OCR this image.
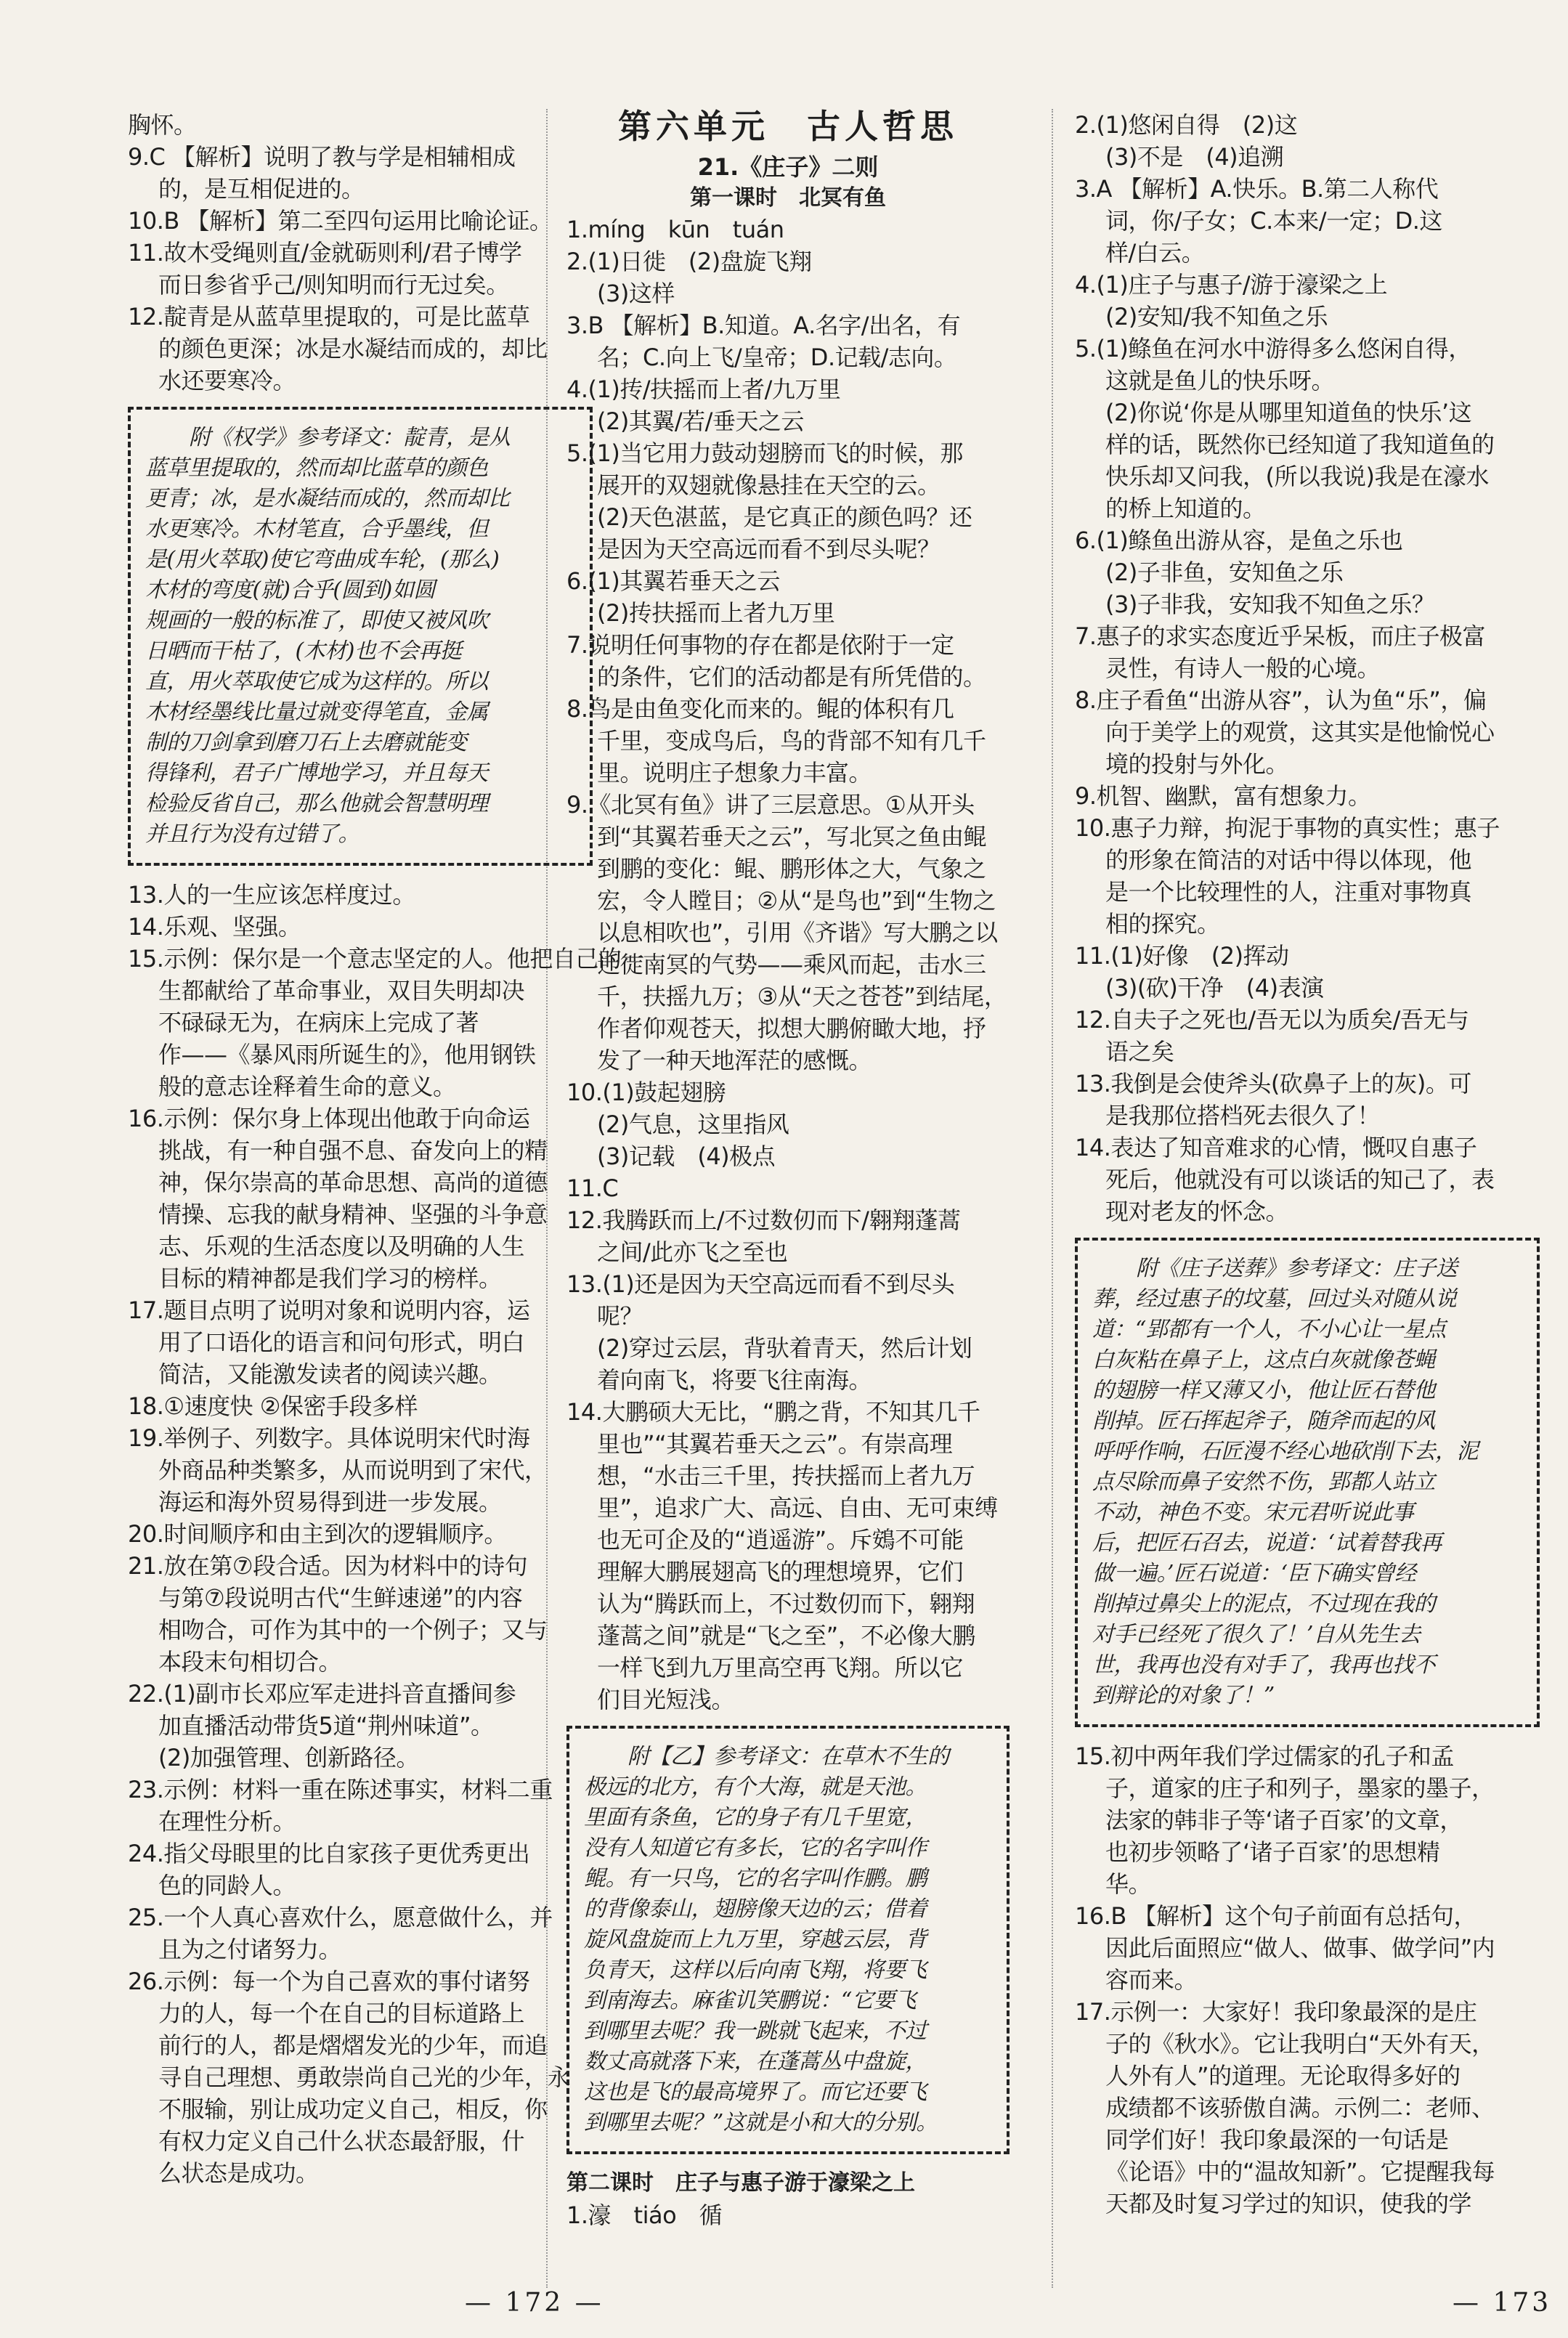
胸怀。
9.C 【解析】说明了教与学是相辅相成
的，是互相促进的。
10.B 【解析】第二至四句运用比喻论证。
11.故木受绳则直/金就砺则利/君子博学
而日参省乎己/则知明而行无过矣。
12.靛青是从蓝草里提取的，可是比蓝草
的颜色更深；冰是水凝结而成的，却比
水还要寒冷。
附《权学》参考译文：靛青，是从
蓝草里提取的，然而却比蓝草的颜色
更青；冰，是水凝结而成的，然而却比
水更寒冷。木材笔直，合乎墨线，但
是(用火萃取)使它弯曲成车轮，(那么)
木材的弯度(就)合乎(圆到)如圆
规画的一般的标准了，即使又被风吹
日晒而干枯了，(木材)也不会再挺
直，用火萃取使它成为这样的。所以
木材经墨线比量过就变得笔直，金属
制的刀剑拿到磨刀石上去磨就能变
得锋利，君子广博地学习，并且每天
检验反省自己，那么他就会智慧明理
并且行为没有过错了。
13.人的一生应该怎样度过。
14.乐观、坚强。
15.示例：保尔是一个意志坚定的人。他把自己的一
生都献给了革命事业，双目失明却决
不碌碌无为，在病床上完成了著
作——《暴风雨所诞生的》，他用钢铁
般的意志诠释着生命的意义。
16.示例：保尔身上体现出他敢于向命运
挑战，有一种自强不息、奋发向上的精
神，保尔崇高的革命思想、高尚的道德
情操、忘我的献身精神、坚强的斗争意
志、乐观的生活态度以及明确的人生
目标的精神都是我们学习的榜样。
17.题目点明了说明对象和说明内容，运
用了口语化的语言和问句形式，明白
简洁，又能激发读者的阅读兴趣。
18.①速度快 ②保密手段多样
19.举例子、列数字。具体说明宋代时海
外商品种类繁多，从而说明到了宋代，
海运和海外贸易得到进一步发展。
20.时间顺序和由主到次的逻辑顺序。
21.放在第⑦段合适。因为材料中的诗句
与第⑦段说明古代“生鲜速递”的内容
相吻合，可作为其中的一个例子；又与
本段末句相切合。
22.(1)副市长邓应军走进抖音直播间参
加直播活动带货5道“荆州味道”。
(2)加强管理、创新路径。
23.示例：材料一重在陈述事实，材料二重
在理性分析。
24.指父母眼里的比自家孩子更优秀更出
色的同龄人。
25.一个人真心喜欢什么，愿意做什么，并
且为之付诸努力。
26.示例：每一个为自己喜欢的事付诸努
力的人，每一个在自己的目标道路上
前行的人，都是熠熠发光的少年，而追
寻自己理想、勇敢崇尚自己光的少年，永
不服输，别让成功定义自己，相反，你
有权力定义自己什么状态最舒服，什
么状态是成功。
第六单元　古人哲思
21.《庄子》二则
第一课时　北冥有鱼
1.míng　kūn　tuán
2.(1)日徙　(2)盘旋飞翔
(3)这样
3.B 【解析】B.知道。A.名字/出名，有
名；C.向上飞/皇帝；D.记载/志向。
4.(1)抟/扶摇而上者/九万里
(2)其翼/若/垂天之云
5.(1)当它用力鼓动翅膀而飞的时候，那
展开的双翅就像悬挂在天空的云。
(2)天色湛蓝，是它真正的颜色吗？还
是因为天空高远而看不到尽头呢？
6.(1)其翼若垂天之云
(2)抟扶摇而上者九万里
7.说明任何事物的存在都是依附于一定
的条件，它们的活动都是有所凭借的。
8.鸟是由鱼变化而来的。鲲的体积有几
千里，变成鸟后，鸟的背部不知有几千
里。说明庄子想象力丰富。
9.《北冥有鱼》讲了三层意思。①从开头
到“其翼若垂天之云”，写北冥之鱼由鲲
到鹏的变化：鲲、鹏形体之大，气象之
宏，令人瞠目；②从“是鸟也”到“生物之
以息相吹也”，引用《齐谐》写大鹏之以
迁徙南冥的气势——乘风而起，击水三
千，扶摇九万；③从“天之苍苍”到结尾，
作者仰观苍天，拟想大鹏俯瞰大地，抒
发了一种天地浑茫的感慨。
10.(1)鼓起翅膀
(2)气息，这里指风
(3)记载　(4)极点
11.C
12.我腾跃而上/不过数仞而下/翱翔蓬蒿
之间/此亦飞之至也
13.(1)还是因为天空高远而看不到尽头
呢？
(2)穿过云层，背驮着青天，然后计划
着向南飞，将要飞往南海。
14.大鹏硕大无比，“鹏之背，不知其几千
里也”“其翼若垂天之云”。有崇高理
想，“水击三千里，抟扶摇而上者九万
里”，追求广大、高远、自由、无可束缚
也无可企及的“逍遥游”。斥鴳不可能
理解大鹏展翅高飞的理想境界，它们
认为“腾跃而上，不过数仞而下，翱翔
蓬蒿之间”就是“飞之至”，不必像大鹏
一样飞到九万里高空再飞翔。所以它
们目光短浅。
附【乙】参考译文：在草木不生的
极远的北方，有个大海，就是天池。
里面有条鱼，它的身子有几千里宽，
没有人知道它有多长，它的名字叫作
鲲。有一只鸟，它的名字叫作鹏。鹏
的背像泰山，翅膀像天边的云；借着
旋风盘旋而上九万里，穿越云层，背
负青天，这样以后向南飞翔，将要飞
到南海去。麻雀讥笑鹏说：“它要飞
到哪里去呢？我一跳就飞起来，不过
数丈高就落下来，在蓬蒿丛中盘旋，
这也是飞的最高境界了。而它还要飞
到哪里去呢？”这就是小和大的分别。
第二课时　庄子与惠子游于濠梁之上
1.濠　tiáo　循
2.(1)悠闲自得　(2)这
(3)不是　(4)追溯
3.A 【解析】A.快乐。B.第二人称代
词，你/子女；C.本来/一定；D.这
样/白云。
4.(1)庄子与惠子/游于濠梁之上
(2)安知/我不知鱼之乐
5.(1)鲦鱼在河水中游得多么悠闲自得，
这就是鱼儿的快乐呀。
(2)你说‘你是从哪里知道鱼的快乐’这
样的话，既然你已经知道了我知道鱼的
快乐却又问我，(所以我说)我是在濠水
的桥上知道的。
6.(1)鲦鱼出游从容，是鱼之乐也
(2)子非鱼，安知鱼之乐
(3)子非我，安知我不知鱼之乐？
7.惠子的求实态度近乎呆板，而庄子极富
灵性，有诗人一般的心境。
8.庄子看鱼“出游从容”，认为鱼“乐”，偏
向于美学上的观赏，这其实是他愉悦心
境的投射与外化。
9.机智、幽默，富有想象力。
10.惠子力辩，拘泥于事物的真实性；惠子
的形象在简洁的对话中得以体现，他
是一个比较理性的人，注重对事物真
相的探究。
11.(1)好像　(2)挥动
(3)(砍)干净　(4)表演
12.自夫子之死也/吾无以为质矣/吾无与
语之矣
13.我倒是会使斧头(砍鼻子上的灰)。可
是我那位搭档死去很久了！
14.表达了知音难求的心情，慨叹自惠子
死后，他就没有可以谈话的知己了，表
现对老友的怀念。
附《庄子送葬》参考译文：庄子送
葬，经过惠子的坟墓，回过头对随从说
道：“郢都有一个人，不小心让一星点
白灰粘在鼻子上，这点白灰就像苍蝇
的翅膀一样又薄又小，他让匠石替他
削掉。匠石挥起斧子，随斧而起的风
呼呼作响，石匠漫不经心地砍削下去，泥
点尽除而鼻子安然不伤，郢都人站立
不动，神色不变。宋元君听说此事
后，把匠石召去，说道：‘试着替我再
做一遍。’匠石说道：‘臣下确实曾经
削掉过鼻尖上的泥点，不过现在我的
对手已经死了很久了！’自从先生去
世，我再也没有对手了，我再也找不
到辩论的对象了！”
15.初中两年我们学过儒家的孔子和孟
子，道家的庄子和列子，墨家的墨子，
法家的韩非子等‘诸子百家’的文章，
也初步领略了‘诸子百家’的思想精
华。
16.B 【解析】这个句子前面有总括句，
因此后面照应“做人、做事、做学问”内
容而来。
17.示例一：大家好！我印象最深的是庄
子的《秋水》。它让我明白“天外有天，
人外有人”的道理。无论取得多好的
成绩都不该骄傲自满。示例二：老师、
同学们好！我印象最深的一句话是
《论语》中的“温故知新”。它提醒我每
天都及时复习学过的知识，使我的学
— 172 —	— 173
